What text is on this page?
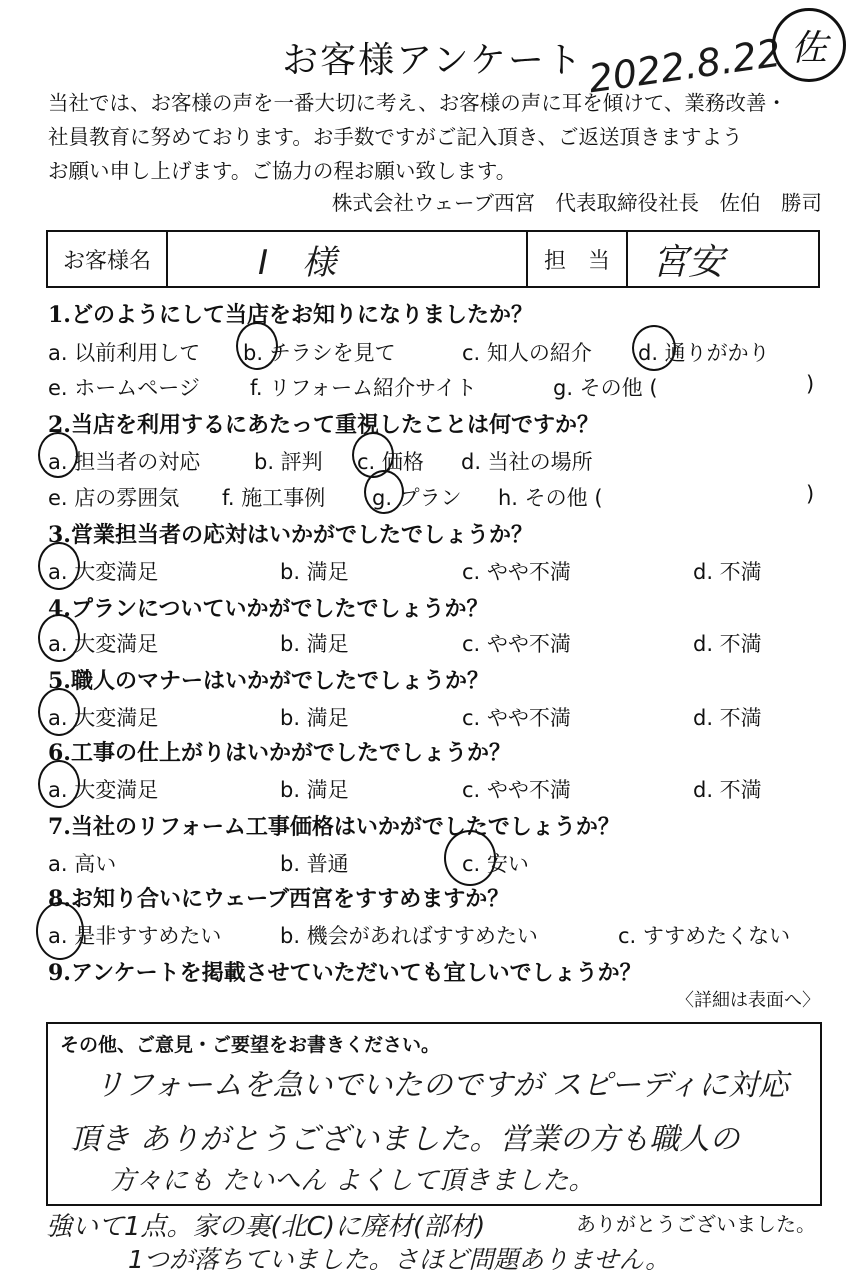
お客様アンケート 2022.8.22 佐
当社では、お客様の声を一番大切に考え、お客様の声に耳を傾けて、業務改善・
社員教育に努めております。お手数ですがご記入頂き、ご返送頂きますよう
お願い申し上げます。ご協力の程お願い致します。
株式会社ウェーブ西宮　代表取締役社長　佐伯　勝司
お客様名	I　様	担　当	宮安
1.どのようにして当店をお知りになりましたか？
a. 以前利用して b. チラシを見て	c. 知人の紹介 d. 通りがかり
e. ホームページ f. リフォーム紹介サイト	g. その他 (	)
2.当店を利用するにあたって重視したことは何ですか？
a. 担当者の対応	b. 評判 c. 価格 d. 当社の場所
e. 店の雰囲気 f. 施工事例 g. プラン h. その他 (	)
3.営業担当者の応対はいかがでしたでしょうか？
a. 大変満足	b. 満足	c. やや不満	d. 不満
4.プランについていかがでしたでしょうか？
a. 大変満足	b. 満足	c. やや不満	d. 不満
5.職人のマナーはいかがでしたでしょうか？
a. 大変満足	b. 満足	c. やや不満	d. 不満
6.工事の仕上がりはいかがでしたでしょうか？
a. 大変満足	b. 満足	c. やや不満	d. 不満
7.当社のリフォーム工事価格はいかがでしたでしょうか？
a. 高い	b. 普通	c. 安い
8.お知り合いにウェーブ西宮をすすめますか？
a. 是非すすめたい	b. 機会があればすすめたい	c. すすめたくない
9.アンケートを掲載させていただいても宜しいでしょうか？
〈詳細は表面へ〉
その他、ご意見・ご要望をお書きください。
リフォームを急いでいたのですが スピーディに対応
頂き ありがとうございました。営業の方も職人の
方々にも たいへん よくして頂きました。
強いて1点。家の裏(北C)に廃材(部材)	ありがとうございました。
1つが落ちていました。さほど問題ありません。
